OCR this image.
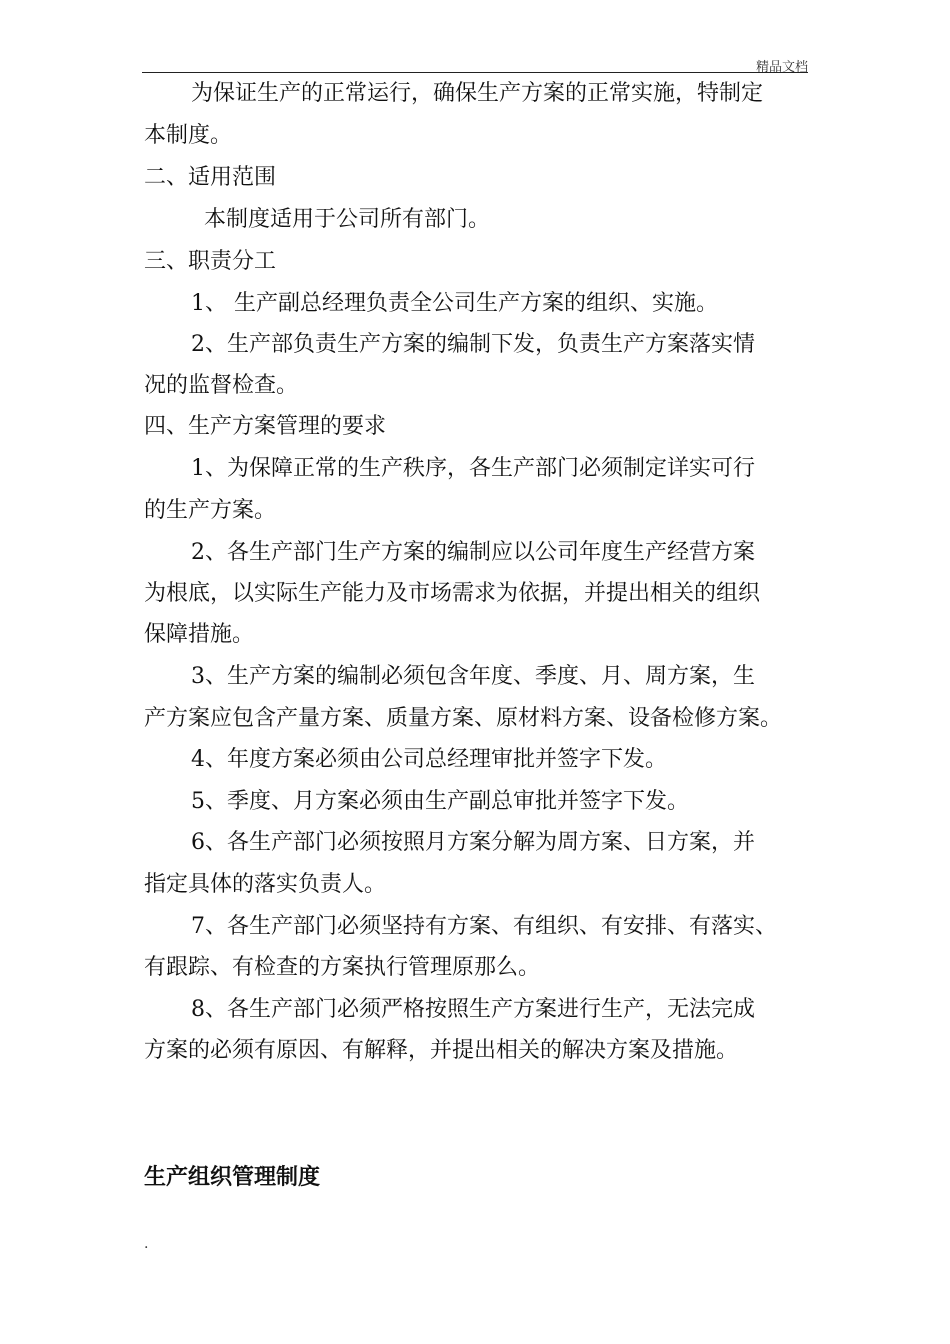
精品文档
为保证生产的正常运行，确保生产方案的正常实施，特制定
本制度。
二、适用范围
本制度适用于公司所有部门。
三、职责分工
1、 生产副总经理负责全公司生产方案的组织、实施。
2、生产部负责生产方案的编制下发，负责生产方案落实情
况的监督检查。
四、生产方案管理的要求
1、为保障正常的生产秩序，各生产部门必须制定详实可行
的生产方案。
2、各生产部门生产方案的编制应以公司年度生产经营方案
为根底，以实际生产能力及市场需求为依据，并提出相关的组织
保障措施。
3、生产方案的编制必须包含年度、季度、月、周方案，生
产方案应包含产量方案、质量方案、原材料方案、设备检修方案。
4、年度方案必须由公司总经理审批并签字下发。
5、季度、月方案必须由生产副总审批并签字下发。
6、各生产部门必须按照月方案分解为周方案、日方案，并
指定具体的落实负责人。
7、各生产部门必须坚持有方案、有组织、有安排、有落实、
有跟踪、有检查的方案执行管理原那么。
8、各生产部门必须严格按照生产方案进行生产，无法完成
方案的必须有原因、有解释，并提出相关的解决方案及措施。
生产组织管理制度
.
